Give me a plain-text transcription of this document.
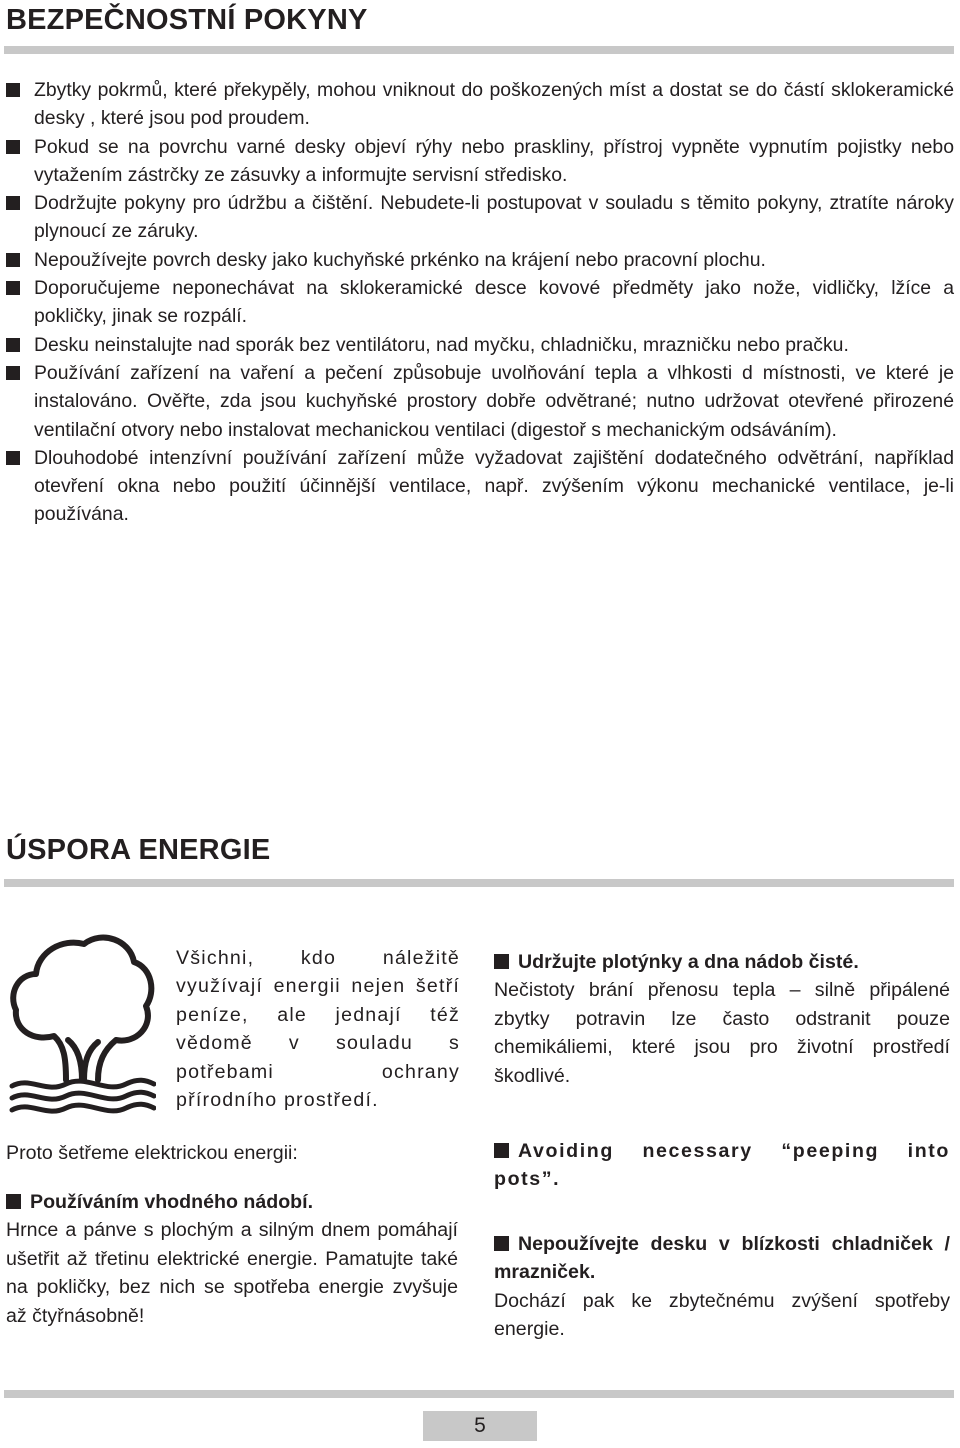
BEZPEČNOSTNÍ POKYNY
Zbytky pokrmů, které překypěly, mohou vniknout do poškozených míst a dostat se do částí sklokeramické desky , které jsou pod proudem.
Pokud se na povrchu varné desky objeví rýhy nebo praskliny, přístroj vypněte vypnutím pojistky nebo vytažením zástrčky ze zásuvky a informujte servisní středisko.
Dodržujte pokyny pro údržbu a čištění. Nebudete-li postupovat v souladu s těmito pokyny, ztratíte nároky plynoucí ze záruky.
Nepoužívejte povrch desky jako kuchyňské prkénko na krájení nebo pracovní plochu.
Doporučujeme neponechávat na sklokeramické desce kovové předměty jako nože, vidličky, lžíce a pokličky, jinak se rozpálí.
Desku neinstalujte nad sporák bez ventilátoru, nad myčku, chladničku, mrazničku nebo pračku.
Používání zařízení na vaření a pečení způsobuje uvolňování tepla a vlhkosti d místnosti, ve které je instalováno. Ověřte, zda jsou kuchyňské prostory dobře odvětrané; nutno udržovat otevřené přirozené ventilační otvory nebo instalovat mechanickou ventilaci (digestoř s mechanickým odsáváním).
Dlouhodobé intenzívní používání zařízení může vyžadovat zajištění dodatečného odvětrání, například otevření okna nebo použití účinnější ventilace, např. zvýšením výkonu mechanické ventilace, je-li používána.
ÚSPORA ENERGIE

Všichni, kdo náležitě využívají energii nejen šetří peníze, ale jednají též vědomě v souladu s potřebami ochrany přírodního prostředí.

Proto šetřeme elektrickou energii:

Používáním vhodného nádobí.
Hrnce a pánve s plochým a silným dnem pomáhají ušetřit až třetinu elektrické energie. Pamatujte také na pokličky, bez nich se spotřeba energie zvyšuje až čtyřnásobně!
Udržujte plotýnky a dna nádob čisté.
Nečistoty brání přenosu tepla – silně připálené zbytky potravin lze často odstranit pouze chemikáliemi, které jsou pro životní prostředí škodlivé.
Avoiding necessary “peeping into pots”.
Nepoužívejte desku v blízkosti chladniček / mrazniček.
Dochází pak ke zbytečnému zvýšení spotřeby energie.
5
